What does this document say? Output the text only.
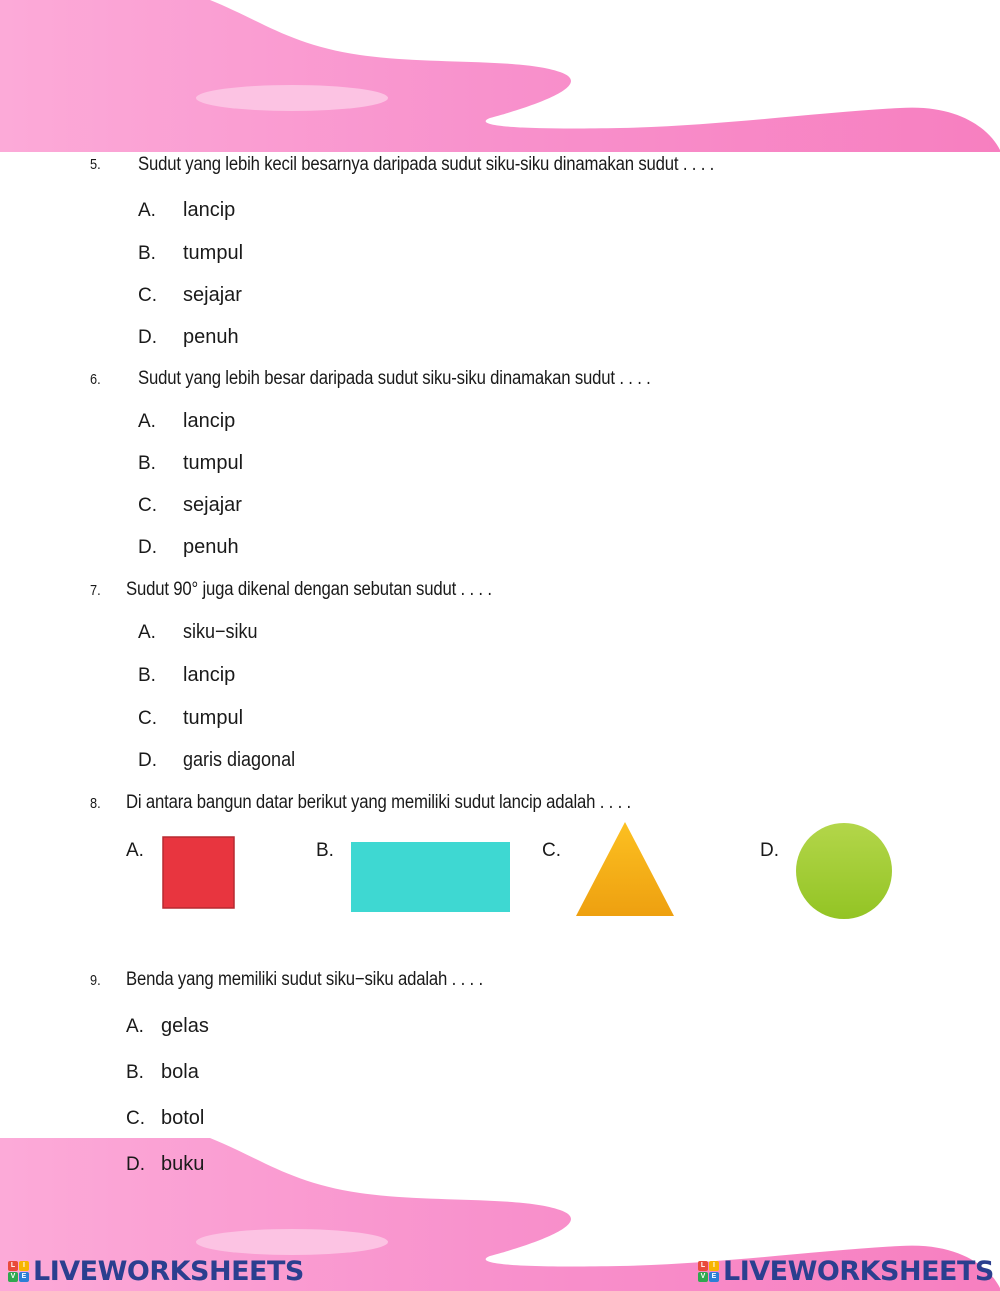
5. Sudut yang lebih kecil besarnya daripada sudut siku-siku dinamakan sudut . . . .
A. lancip
B. tumpul
C. sejajar
D. penuh
6. Sudut yang lebih besar daripada sudut siku-siku dinamakan sudut . . . .
A. lancip
B. tumpul
C. sejajar
D. penuh
7. Sudut 90° juga dikenal dengan sebutan sudut . . . .
A. siku−siku
B. lancip
C. tumpul
D. garis diagonal
8. Di antara bangun datar berikut yang memiliki sudut lancip adalah . . . .
A.	B.	C.	D.
9. Benda yang memiliki sudut siku−siku adalah . . . .
A. gelas
B. bola
C. botol
D. buku
L	I
V E LIVEWORKSHEETS	L	I
V E LIVEWORKSHEETS
